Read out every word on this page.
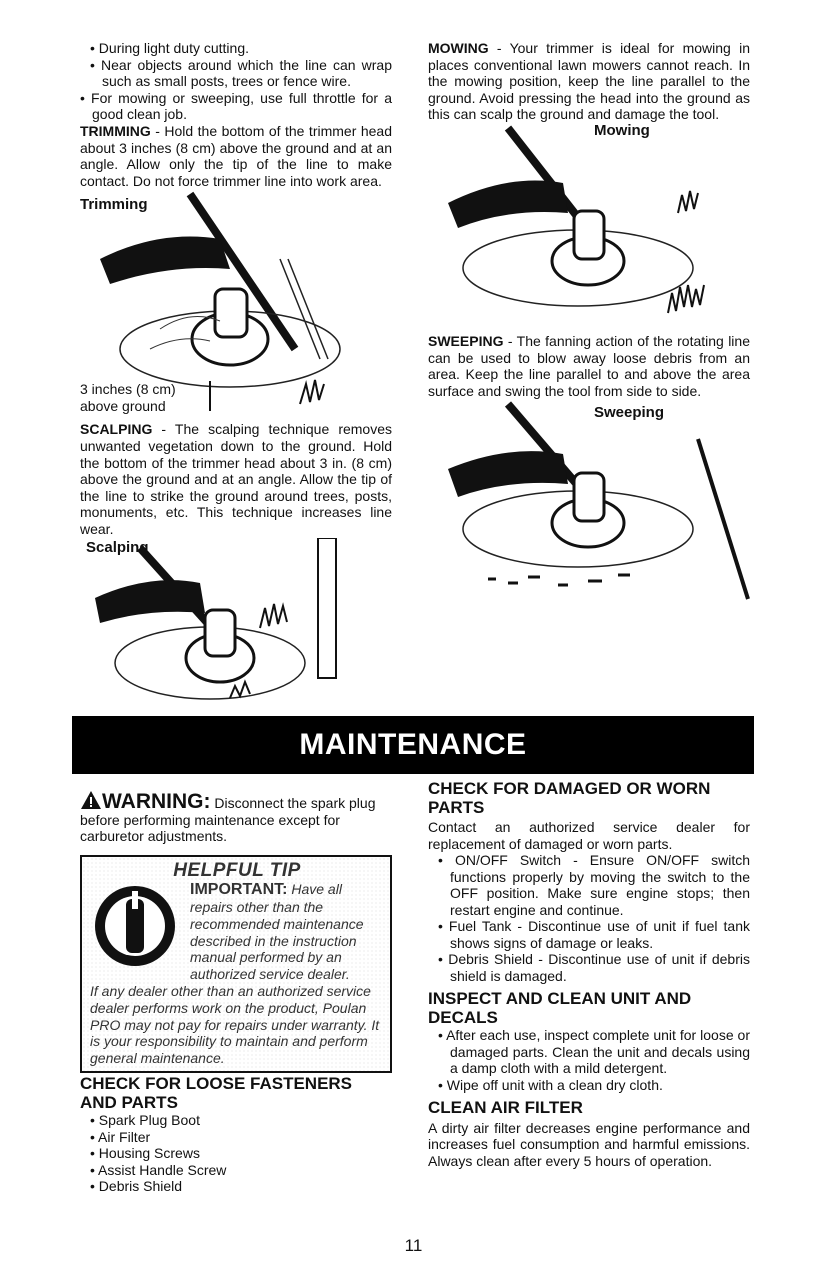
• During light duty cutting.

• Near objects around which the line can wrap such as small posts, trees or fence wire.

• For mowing or sweeping, use full throttle for a good clean job.

TRIMMING - Hold the bottom of the trimmer head about 3 inches (8 cm) above the ground and at an angle. Allow only the tip of the line to make contact. Do not force trimmer line into work area.

Trimming
3 inches (8 cm) above ground

SCALPING - The scalping technique removes unwanted vegetation down to the ground. Hold the bottom of the trimmer head about 3 in. (8 cm) above the ground and at an angle. Allow the tip of the line to strike the ground around trees, posts, monuments, etc. This technique increases line wear.

Scalping

MOWING - Your trimmer is ideal for mowing in places conventional lawn mowers cannot reach. In the mowing position, keep the line parallel to the ground. Avoid pressing the head into the ground as this can scalp the ground and damage the tool.

Mowing

SWEEPING - The fanning action of the rotating line can be used to blow away loose debris from an area. Keep the line parallel to and above the area surface and swing the tool from side to side.

Sweeping
MAINTENANCE

WARNING: Disconnect the spark plug before performing maintenance except for carburetor adjustments.

HELPFUL TIP
IMPORTANT: Have all repairs other than the recommended maintenance described in the instruction manual performed by an authorized service dealer.
If any dealer other than an authorized service dealer performs work on the product, Poulan PRO may not pay for repairs under warranty. It is your responsibility to maintain and perform general maintenance.
CHECK FOR LOOSE FASTENERS AND PARTS

• Spark Plug Boot

• Air Filter

• Housing Screws

• Assist Handle Screw

• Debris Shield

CHECK FOR DAMAGED OR WORN PARTS

Contact an authorized service dealer for replacement of damaged or worn parts.

• ON/OFF Switch - Ensure ON/OFF switch functions properly by moving the switch to the OFF position. Make sure engine stops; then restart engine and continue.

• Fuel Tank - Discontinue use of unit if fuel tank shows signs of damage or leaks.

• Debris Shield - Discontinue use of unit if debris shield is damaged.

INSPECT AND CLEAN UNIT AND DECALS

• After each use, inspect complete unit for loose or damaged parts. Clean the unit and decals using a damp cloth with a mild detergent.

• Wipe off unit with a clean dry cloth.

CLEAN AIR FILTER

A dirty air filter decreases engine performance and increases fuel consumption and harmful emissions. Always clean after every 5 hours of operation.

11
